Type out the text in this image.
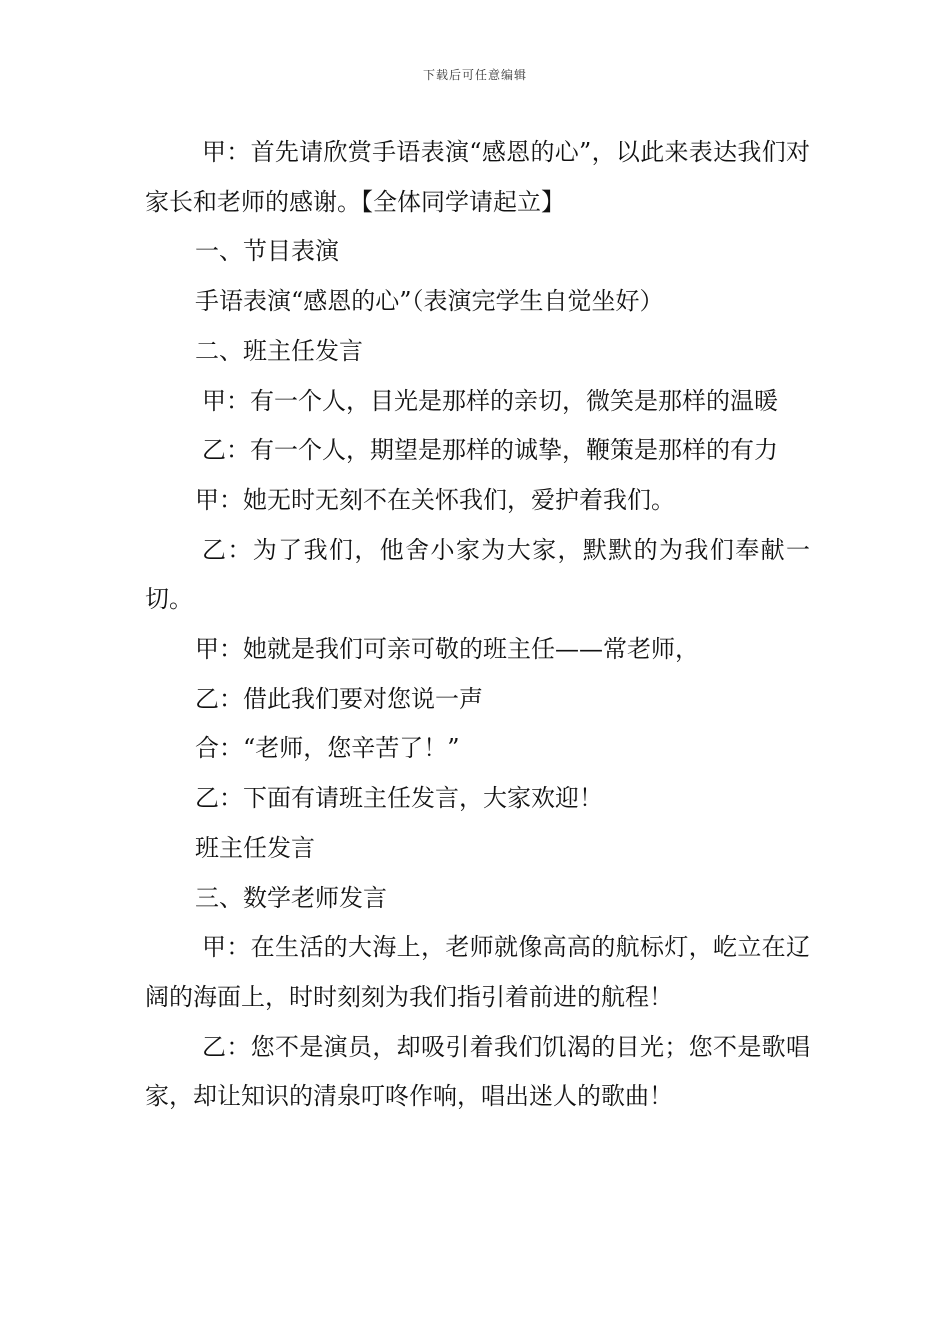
下载后可任意编辑

甲：首先请欣赏手语表演“感恩的心”，以此来表达我们对家长和老师的感谢。【全体同学请起立】

一、节目表演

手语表演“感恩的心”（表演完学生自觉坐好）

二、班主任发言

甲：有一个人，目光是那样的亲切，微笑是那样的温暖

乙：有一个人，期望是那样的诚挚，鞭策是那样的有力

甲：她无时无刻不在关怀我们，爱护着我们。

乙：为了我们，他舍小家为大家，默默的为我们奉献一切。

甲：她就是我们可亲可敬的班主任——常老师，

乙：借此我们要对您说一声

合：“老师，您辛苦了！”

乙：下面有请班主任发言，大家欢迎！

班主任发言

三、数学老师发言

甲：在生活的大海上，老师就像高高的航标灯，屹立在辽阔的海面上，时时刻刻为我们指引着前进的航程！

乙：您不是演员，却吸引着我们饥渴的目光；您不是歌唱家，却让知识的清泉叮咚作响，唱出迷人的歌曲！
